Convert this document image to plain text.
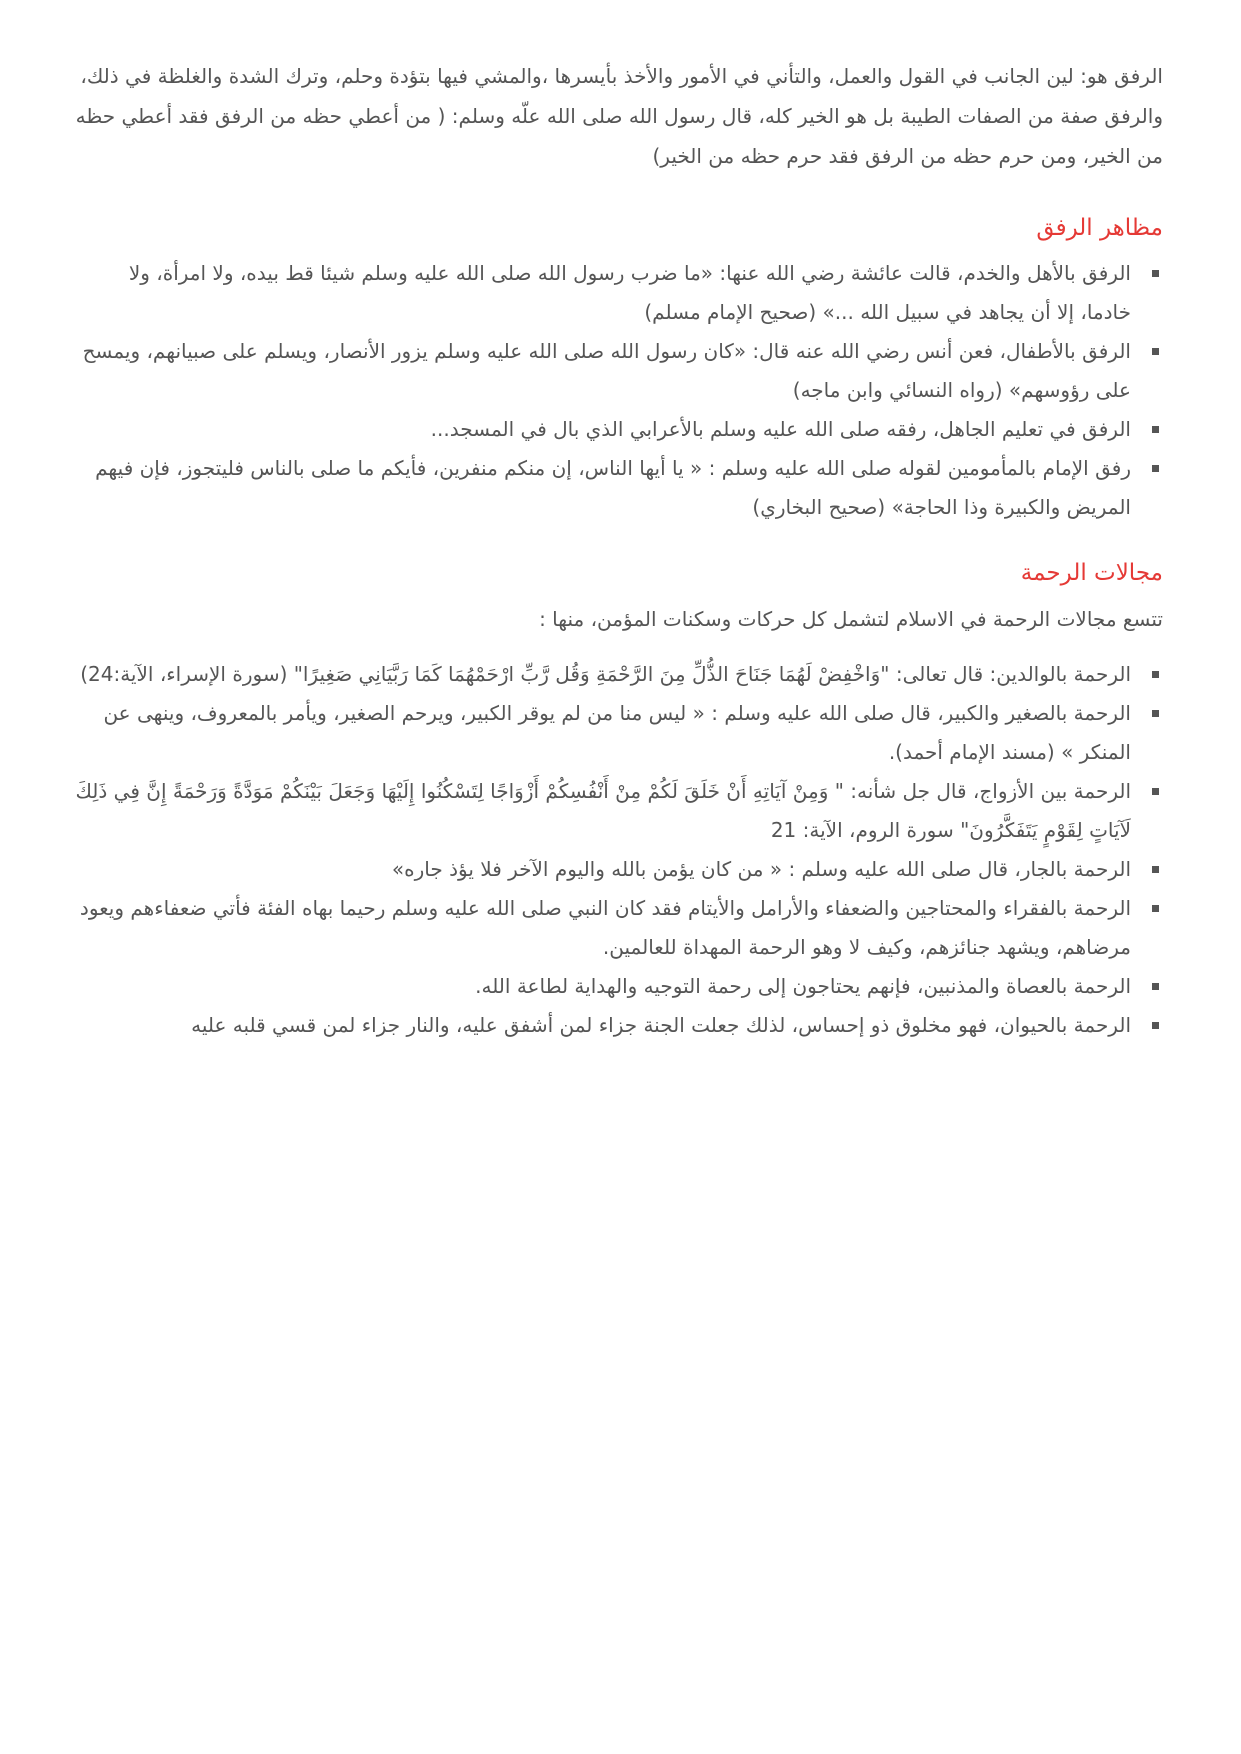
الرفق هو: لين الجانب في القول والعمل، والتأني في الأمور والأخذ بأيسرها ،والمشي فيها بتؤدة وحلم، وترك الشدة والغلظة في ذلك، والرفق صفة من الصفات الطيبة بل هو الخير كله، قال رسول الله صلى الله علّه وسلم: ( من أعطي حظه من الرفق فقد أعطي حظه من الخير، ومن حرم حظه من الرفق فقد حرم حظه من الخير)

مظاهر الرفق
الرفق بالأهل والخدم، قالت عائشة رضي الله عنها: «ما ضرب رسول الله صلى الله عليه وسلم شيئا قط بيده، ولا امرأة، ولا خادما، إلا أن يجاهد في سبيل الله ...» (صحيح الإمام مسلم)
الرفق بالأطفال، فعن أنس رضي الله عنه قال: «كان رسول الله صلى الله عليه وسلم يزور الأنصار، ويسلم على صبيانهم، ويمسح على رؤوسهم» (رواه النسائي وابن ماجه)
الرفق في تعليم الجاهل، رفقه صلى الله عليه وسلم بالأعرابي الذي بال في المسجد...
رفق الإمام بالمأمومين لقوله صلى الله عليه وسلم : « يا أيها الناس، إن منكم منفرين، فأيكم ما صلى بالناس فليتجوز، فإن فيهم المريض والكبيرة وذا الحاجة» (صحيح البخاري)
مجالات الرحمة

تتسع مجالات الرحمة في الاسلام لتشمل كل حركات وسكنات المؤمن، منها :

الرحمة بالوالدين: قال تعالى: "وَاخْفِضْ لَهُمَا جَنَاحَ الذُّلِّ مِنَ الرَّحْمَةِ وَقُل رَّبِّ ارْحَمْهُمَا كَمَا رَبَّيَانِي صَغِيرًا" (سورة الإسراء، الآية:24)
الرحمة بالصغير والكبير، قال صلى الله عليه وسلم : « ليس منا من لم يوقر الكبير، ويرحم الصغير، ويأمر بالمعروف، وينهى عن المنكر » (مسند الإمام أحمد).
الرحمة بين الأزواج، قال جل شأنه: " وَمِنْ آيَاتِهِ أَنْ خَلَقَ لَكُمْ مِنْ أَنْفُسِكُمْ أَزْوَاجًا لِتَسْكُنُوا إِلَيْهَا وَجَعَلَ بَيْنَكُمْ مَوَدَّةً وَرَحْمَةً إِنَّ فِي ذَلِكَ لَآيَاتٍ لِقَوْمٍ يَتَفَكَّرُونَ" سورة الروم، الآية: 21
الرحمة بالجار، قال صلى الله عليه وسلم : « من كان يؤمن بالله واليوم الآخر فلا يؤذ جاره»
الرحمة بالفقراء والمحتاجين والضعفاء والأرامل والأيتام فقد كان النبي صلى الله عليه وسلم رحيما بهاه الفئة فأتي ضعفاءهم ويعود مرضاهم، ويشهد جنائزهم، وكيف لا وهو الرحمة المهداة للعالمين.
الرحمة بالعصاة والمذنبين، فإنهم يحتاجون إلى رحمة التوجيه والهداية لطاعة الله.
الرحمة بالحيوان، فهو مخلوق ذو إحساس، لذلك جعلت الجنة جزاء لمن أشفق عليه، والنار جزاء لمن قسي قلبه عليه
